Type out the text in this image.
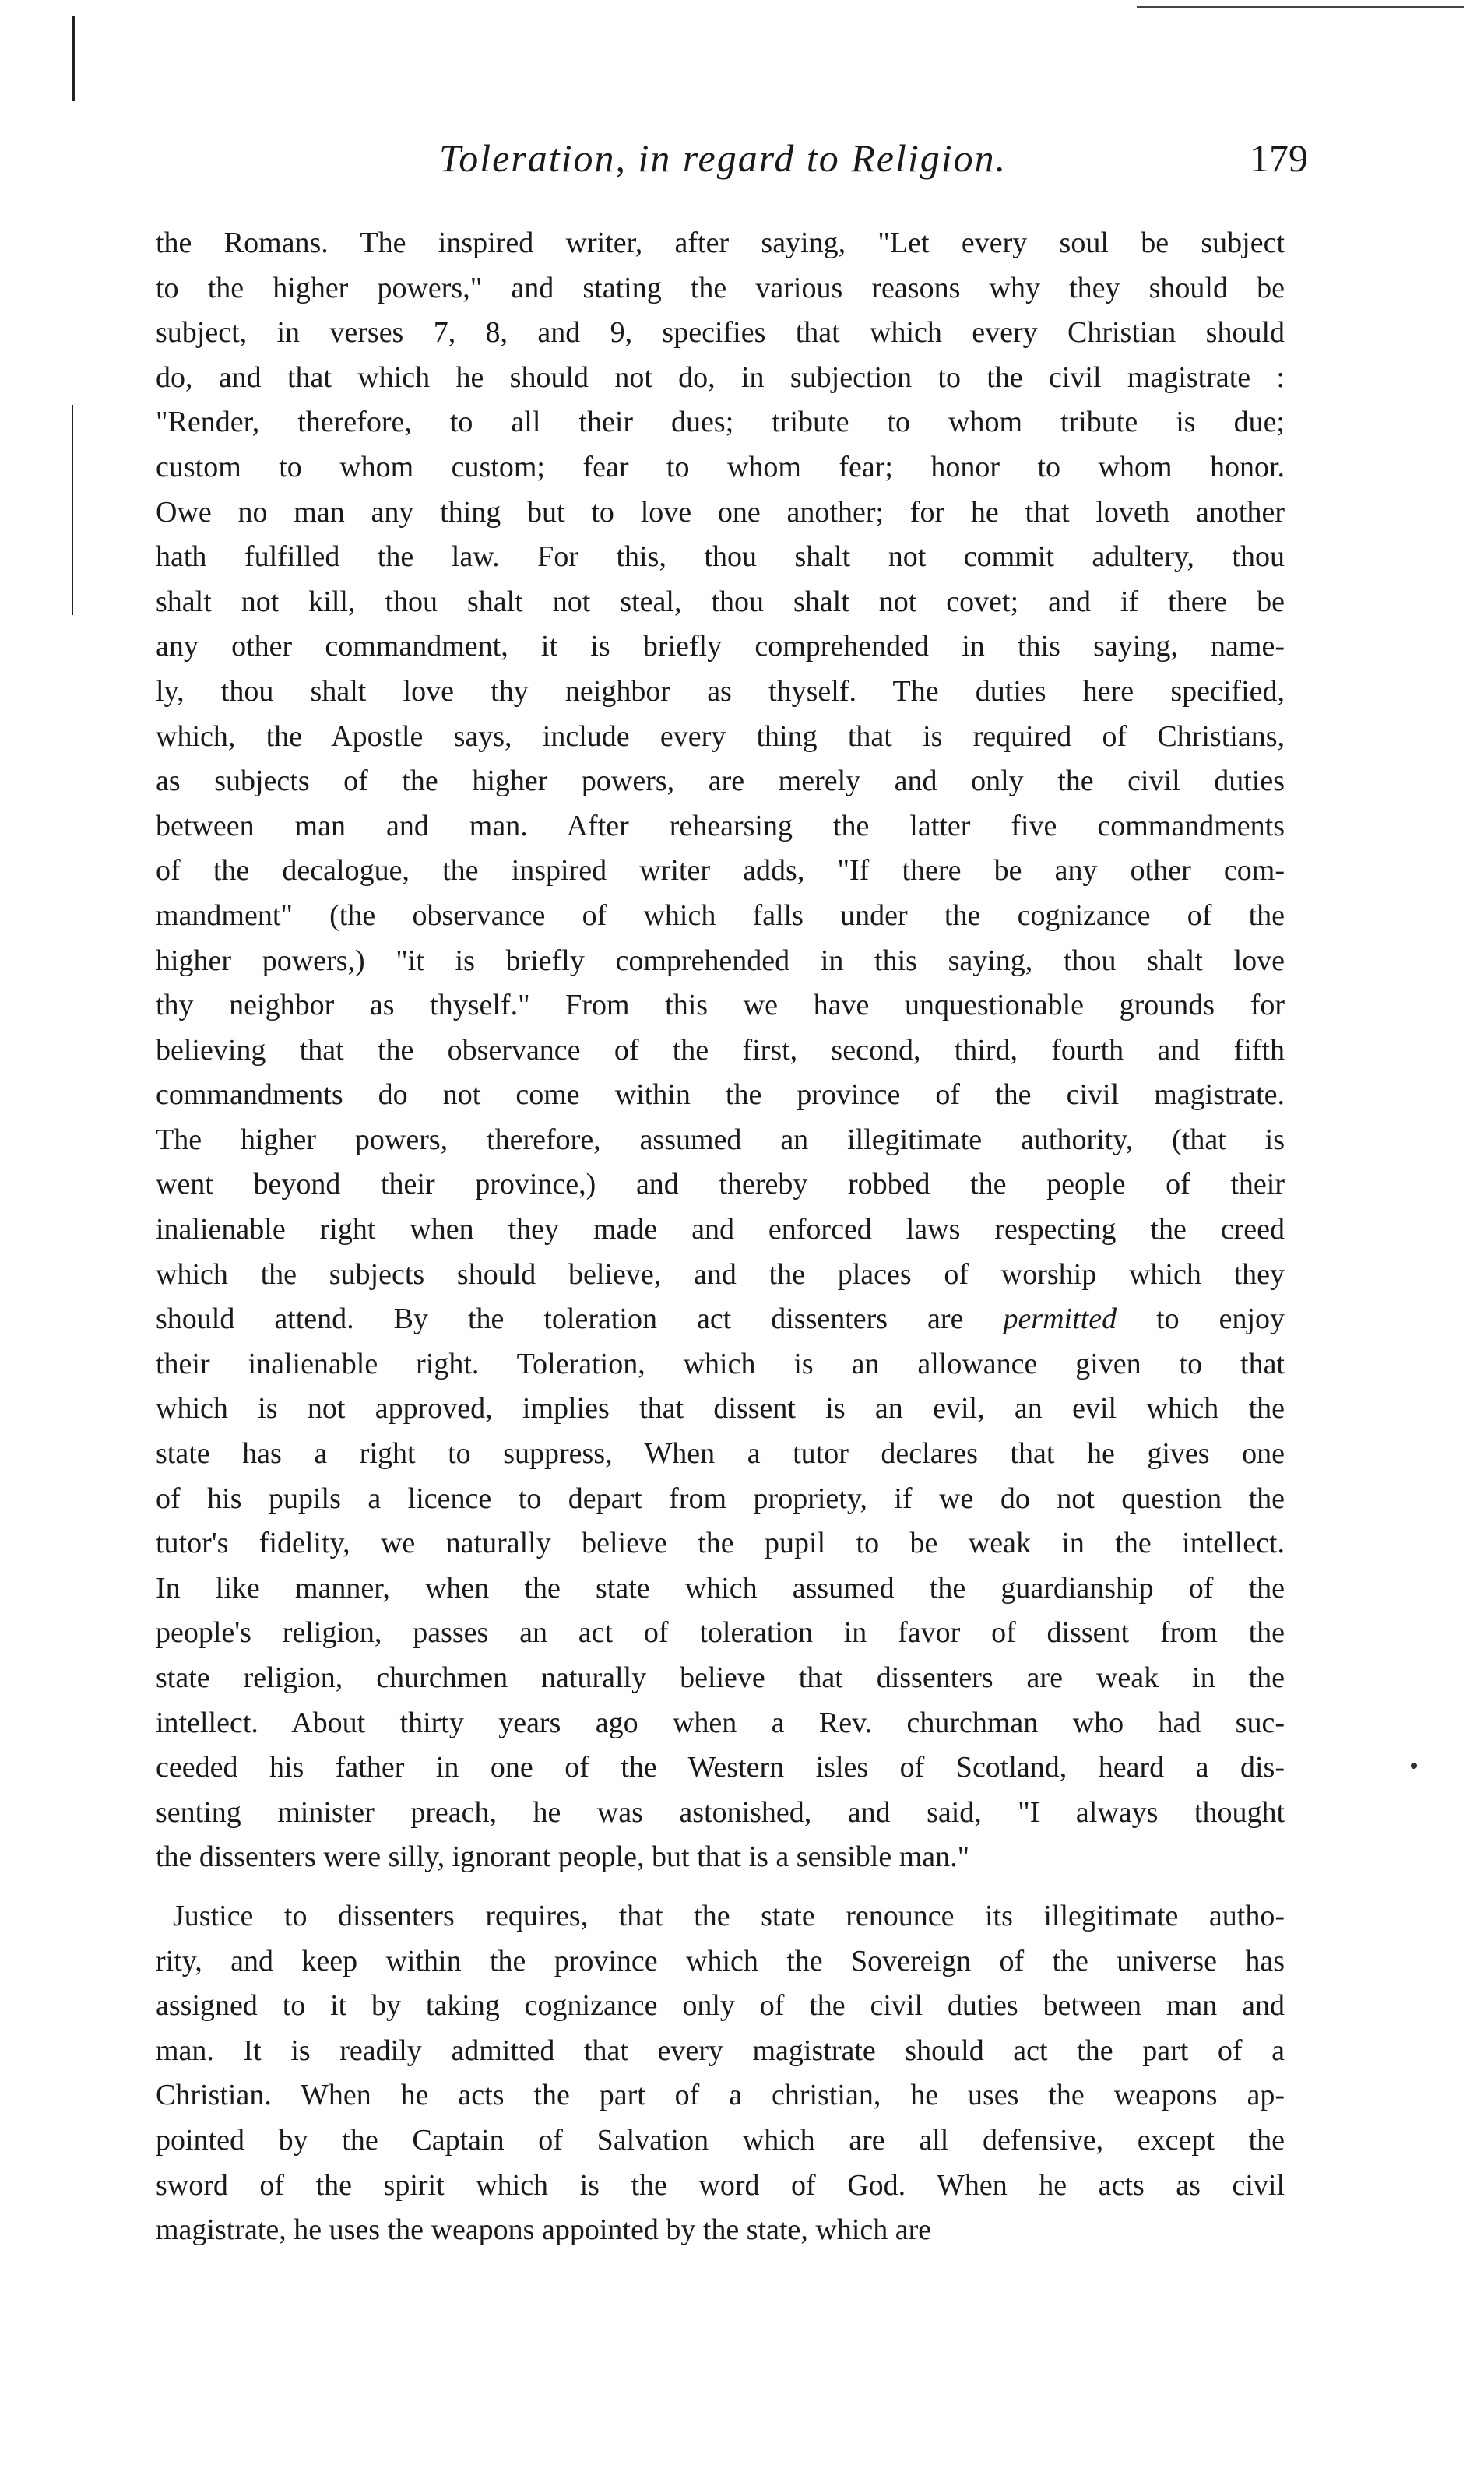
Toleration, in regard to Religion.	179
the Romans. The inspired writer, after saying, "Let every soul be subject
to the higher powers," and stating the various reasons why they should be
subject, in verses 7, 8, and 9, specifies that which every Christian should
do, and that which he should not do, in subjection to the civil magistrate :
"Render, therefore, to all their dues; tribute to whom tribute is due;
custom to whom custom; fear to whom fear; honor to whom honor.
Owe no man any thing but to love one another; for he that loveth another
hath fulfilled the law. For this, thou shalt not commit adultery, thou
shalt not kill, thou shalt not steal, thou shalt not covet; and if there be
any other commandment, it is briefly comprehended in this saying, name-
ly, thou shalt love thy neighbor as thyself. The duties here specified,
which, the Apostle says, include every thing that is required of Christians,
as subjects of the higher powers, are merely and only the civil duties
between man and man. After rehearsing the latter five commandments
of the decalogue, the inspired writer adds, "If there be any other com-
mandment" (the observance of which falls under the cognizance of the
higher powers,) "it is briefly comprehended in this saying, thou shalt love
thy neighbor as thyself." From this we have unquestionable grounds for
believing that the observance of the first, second, third, fourth and fifth
commandments do not come within the province of the civil magistrate.
The higher powers, therefore, assumed an illegitimate authority, (that is
went beyond their province,) and thereby robbed the people of their
inalienable right when they made and enforced laws respecting the creed
which the subjects should believe, and the places of worship which they
should attend. By the toleration act dissenters are permitted to enjoy
their inalienable right. Toleration, which is an allowance given to that
which is not approved, implies that dissent is an evil, an evil which the
state has a right to suppress, When a tutor declares that he gives one
of his pupils a licence to depart from propriety, if we do not question the
tutor's fidelity, we naturally believe the pupil to be weak in the intellect.
In like manner, when the state which assumed the guardianship of the
people's religion, passes an act of toleration in favor of dissent from the
state religion, churchmen naturally believe that dissenters are weak in the
intellect. About thirty years ago when a Rev. churchman who had suc-
ceeded his father in one of the Western isles of Scotland, heard a dis-
senting minister preach, he was astonished, and said, "I always thought
the dissenters were silly, ignorant people, but that is a sensible man."
Justice to dissenters requires, that the state renounce its illegitimate autho-
rity, and keep within the province which the Sovereign of the universe has
assigned to it by taking cognizance only of the civil duties between man and
man. It is readily admitted that every magistrate should act the part of a
Christian. When he acts the part of a christian, he uses the weapons ap-
pointed by the Captain of Salvation which are all defensive, except the
sword of the spirit which is the word of God. When he acts as civil
magistrate, he uses the weapons appointed by the state, which are
